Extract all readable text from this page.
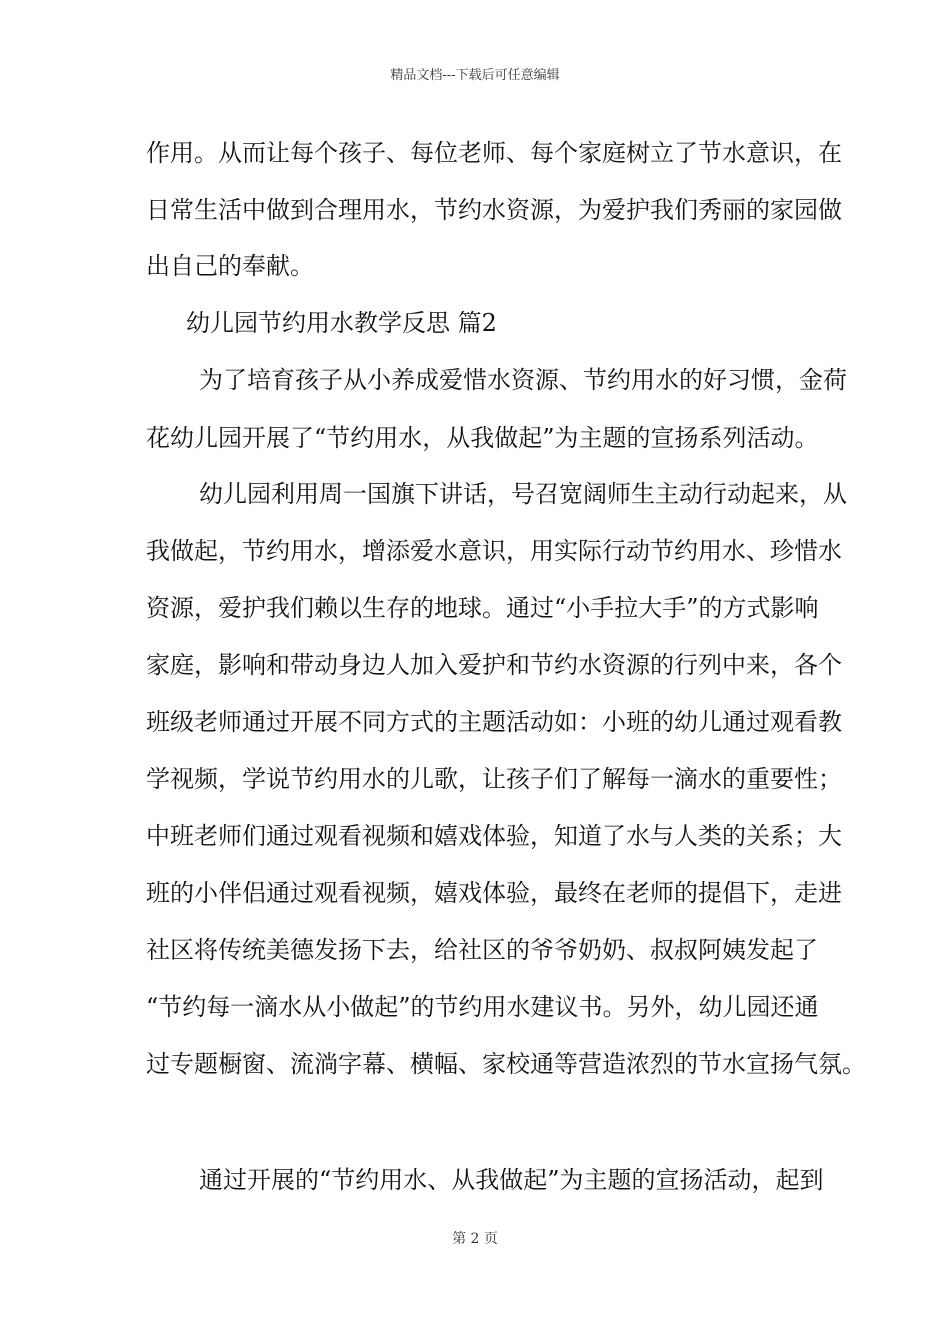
精品文档---下载后可任意编辑
作用。从而让每个孩子、每位老师、每个家庭树立了节水意识，在
日常生活中做到合理用水，节约水资源，为爱护我们秀丽的家园做
出自己的奉献。
幼儿园节约用水教学反思 篇2
为了培育孩子从小养成爱惜水资源、节约用水的好习惯，金荷
花幼儿园开展了“节约用水，从我做起”为主题的宣扬系列活动。
幼儿园利用周一国旗下讲话，号召宽阔师生主动行动起来，从
我做起，节约用水，增添爱水意识，用实际行动节约用水、珍惜水
资源，爱护我们赖以生存的地球。通过“小手拉大手”的方式影响
家庭，影响和带动身边人加入爱护和节约水资源的行列中来，各个
班级老师通过开展不同方式的主题活动如：小班的幼儿通过观看教
学视频，学说节约用水的儿歌，让孩子们了解每一滴水的重要性；
中班老师们通过观看视频和嬉戏体验，知道了水与人类的关系；大
班的小伴侣通过观看视频，嬉戏体验，最终在老师的提倡下，走进
社区将传统美德发扬下去，给社区的爷爷奶奶、叔叔阿姨发起了
“节约每一滴水从小做起”的节约用水建议书。另外，幼儿园还通
过专题橱窗、流淌字幕、横幅、家校通等营造浓烈的节水宣扬气氛。
通过开展的“节约用水、从我做起”为主题的宣扬活动，起到
第 2 页
